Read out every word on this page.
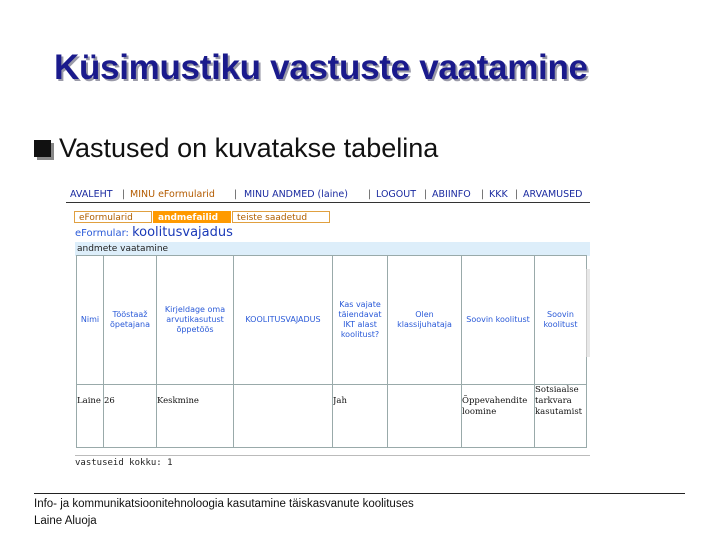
Küsimustiku vastuste vaatamine
Vastused on kuvatakse tabelina
AVALEHT | MINU eFormularid | MINU ANDMED (laine) | LOGOUT | ABIINFO | KKK | ARVAMUSED
eFormularid	andmefailid	teiste saadetud
eFormular: koolitusvajadus
andmete vaatamine
Nimi	Tööstaaž õpetajana	Kirjeldage oma arvutikasutust õppetöös	KOOLITUSVAJADUS	Kas vajate täiendavat IKT alast koolitust?	Olen klassijuhataja	Soovin koolitust	Soovin koolitust
Laine	26	Keskmine		Jah		Õppevahendite loomine	Sotsiaalse tarkvara kasutamist
vastuseid kokku: 1
Info- ja kommunikatsioonitehnoloogia kasutamine täiskasvanute koolituses
Laine Aluoja
